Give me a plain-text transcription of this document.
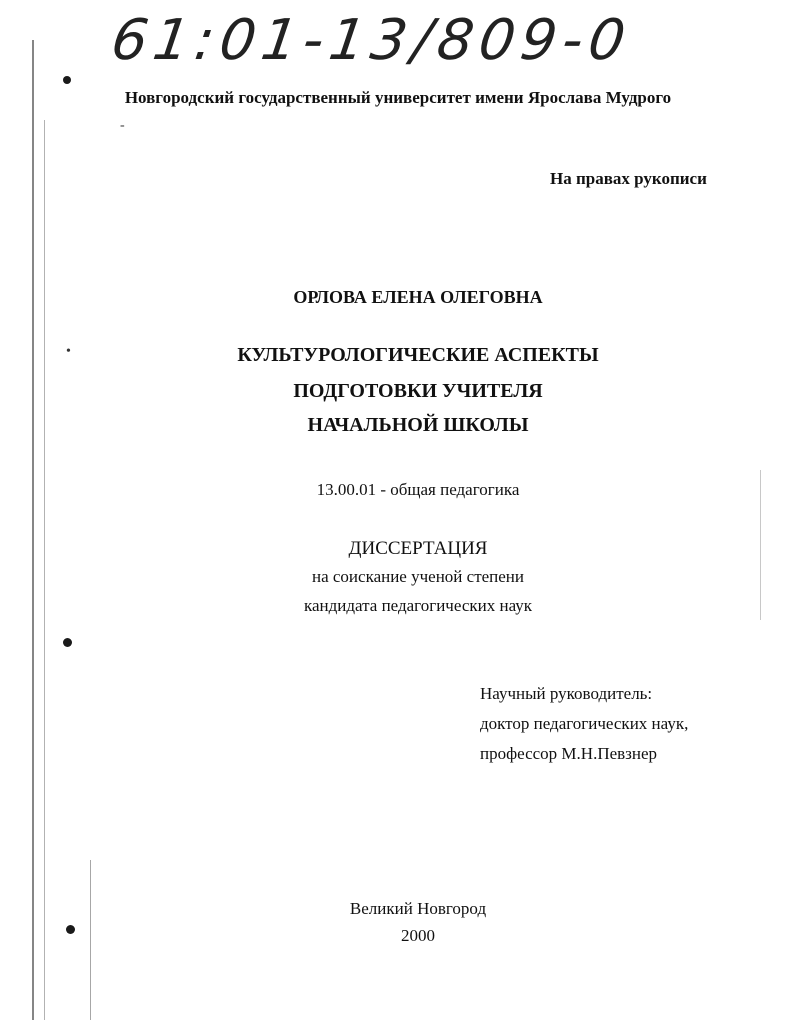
•
-
61:01-13/809-0
Новгородский государственный университет имени Ярослава Мудрого
На правах рукописи
ОРЛОВА ЕЛЕНА ОЛЕГОВНА
КУЛЬТУРОЛОГИЧЕСКИЕ АСПЕКТЫ
ПОДГОТОВКИ УЧИТЕЛЯ
НАЧАЛЬНОЙ ШКОЛЫ
13.00.01 - общая педагогика
ДИССЕРТАЦИЯ
на соискание ученой степени
кандидата педагогических наук
Научный руководитель:
доктор педагогических наук,
профессор М.Н.Певзнер
Великий Новгород
2000
